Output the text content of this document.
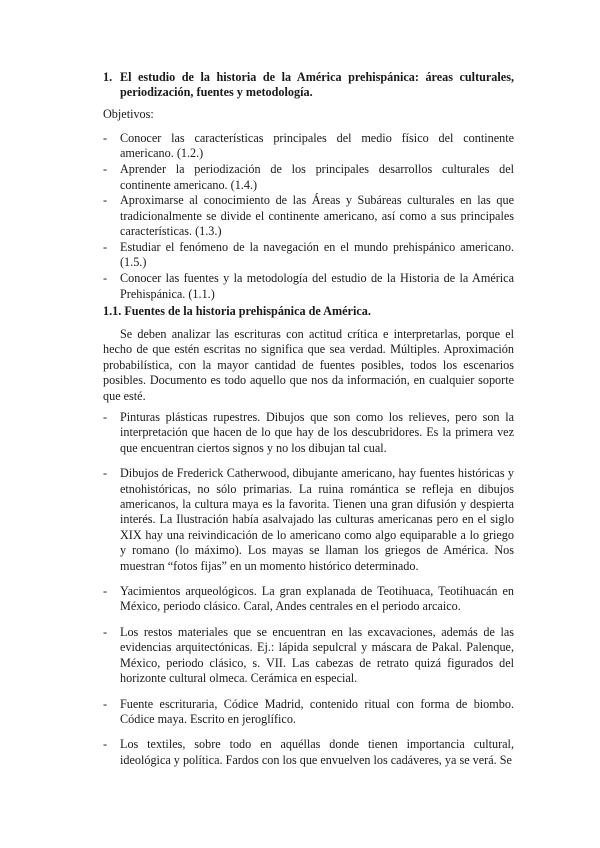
1. El estudio de la historia de la América prehispánica: áreas culturales, periodización, fuentes y metodología.
Objetivos:
- Conocer las características principales del medio físico del continente americano. (1.2.)
- Aprender la periodización de los principales desarrollos culturales del continente americano. (1.4.)
- Aproximarse al conocimiento de las Áreas y Subáreas culturales en las que tradicionalmente se divide el continente americano, así como a sus principales características. (1.3.)
- Estudiar el fenómeno de la navegación en el mundo prehispánico americano. (1.5.)
- Conocer las fuentes y la metodología del estudio de la Historia de la América Prehispánica. (1.1.)
1.1. Fuentes de la historia prehispánica de América.

Se deben analizar las escrituras con actitud crítica e interpretarlas, porque el hecho de que estén escritas no significa que sea verdad. Múltiples. Aproximación probabilística, con la mayor cantidad de fuentes posibles, todos los escenarios posibles. Documento es todo aquello que nos da información, en cualquier soporte que esté.

- Pinturas plásticas rupestres. Dibujos que son como los relieves, pero son la interpretación que hacen de lo que hay de los descubridores. Es la primera vez que encuentran ciertos signos y no los dibujan tal cual.
- Dibujos de Frederick Catherwood, dibujante americano, hay fuentes históricas y etnohistóricas, no sólo primarias. La ruina romántica se refleja en dibujos americanos, la cultura maya es la favorita. Tienen una gran difusión y despierta interés. La Ilustración había asalvajado las culturas americanas pero en el siglo XIX hay una reivindicación de lo americano como algo equiparable a lo griego y romano (lo máximo). Los mayas se llaman los griegos de América. Nos muestran “fotos fijas” en un momento histórico determinado.
- Yacimientos arqueológicos. La gran explanada de Teotihuaca, Teotihuacán en México, periodo clásico. Caral, Andes centrales en el periodo arcaico.
- Los restos materiales que se encuentran en las excavaciones, además de las evidencias arquitectónicas. Ej.: lápida sepulcral y máscara de Pakal. Palenque, México, periodo clásico, s. VII. Las cabezas de retrato quizá figurados del horizonte cultural olmeca. Cerámica en especial.
- Fuente escrituraria, Códice Madrid, contenido ritual con forma de biombo. Códice maya. Escrito en jeroglífico.
- Los textiles, sobre todo en aquéllas donde tienen importancia cultural, ideológica y política. Fardos con los que envuelven los cadáveres, ya se verá. Se
